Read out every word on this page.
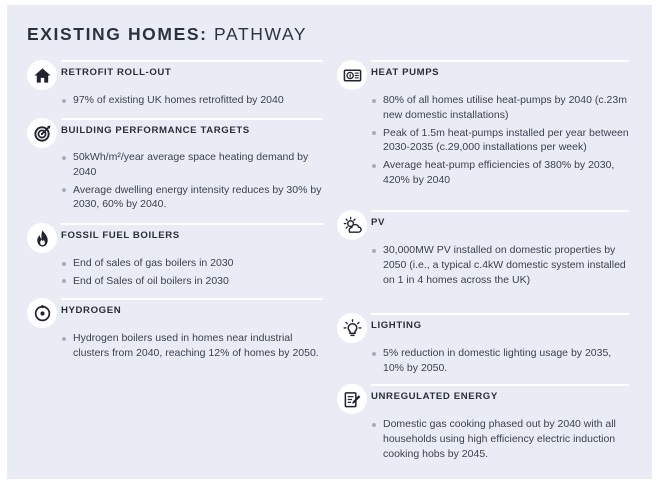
EXISTING HOMES: PATHWAY
RETROFIT ROLL-OUT
97% of existing UK homes retrofitted by 2040
BUILDING PERFORMANCE TARGETS
50kWh/m²/year average space heating demand by 2040
Average dwelling energy intensity reduces by 30% by 2030, 60% by 2040.
FOSSIL FUEL BOILERS
End of sales of gas boilers in 2030
End of Sales of oil boilers in 2030
HYDROGEN
Hydrogen boilers used in homes near industrial clusters from 2040, reaching 12% of homes by 2050.
HEAT PUMPS
80% of all homes utilise heat-pumps by 2040 (c.23m new domestic installations)
Peak of 1.5m heat-pumps installed per year between 2030-2035 (c.29,000 installations per week)
Average heat-pump efficiencies of 380% by 2030, 420% by 2040
PV
30,000MW PV installed on domestic properties by 2050 (i.e., a typical c.4kW domestic system installed on 1 in 4 homes across the UK)
LIGHTING
5% reduction in domestic lighting usage by 2035, 10% by 2050.
UNREGULATED ENERGY
Domestic gas cooking phased out by 2040 with all households using high efficiency electric induction cooking hobs by 2045.
